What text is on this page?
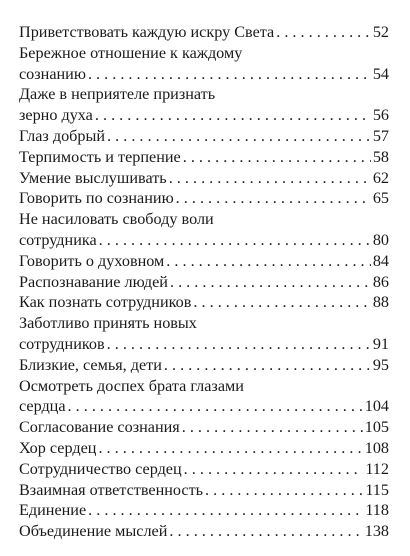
Приветствовать каждую искру Света . . .	52
Бережное отношение к каждому
сознанию . . .	54
Даже в неприятеле признать
зерно духа . . .	56
Глаз добрый . . .	57
Терпимость и терпение . . .	58
Умение выслушивать . . .	62
Говорить по сознанию . . .	65
Не насиловать свободу воли
сотрудника . . .	80
Говорить о духовном . . .	84
Распознавание людей . . .	86
Как познать сотрудников . . .	88
Заботливо принять новых
сотрудников . . .	91
Близкие, семья, дети . . .	95
Осмотреть доспех брата глазами
сердца . . .	104
Согласование сознания . . .	105
Хор сердец . . .	108
Сотрудничество сердец . . .	112
Взаимная ответственность . . .	115
Единение . . .	118
Объединение мыслей . . .	138
